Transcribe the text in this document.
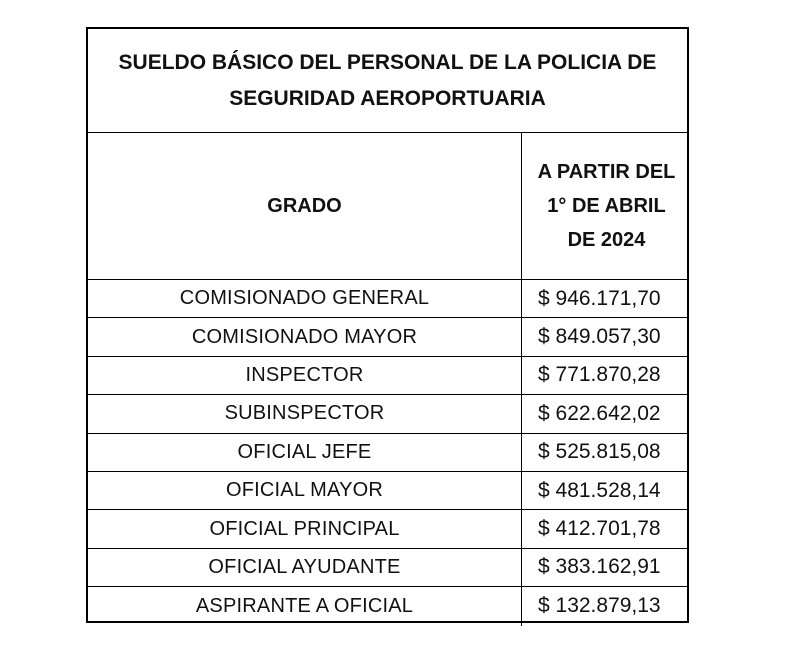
SUELDO BÁSICO DEL PERSONAL DE LA POLICIA DE
SEGURIDAD AEROPORTUARIA
GRADO
A PARTIR DEL
1° DE ABRIL
DE 2024
COMISIONADO GENERAL	$ 946.171,70
COMISIONADO MAYOR	$ 849.057,30
INSPECTOR	$ 771.870,28
SUBINSPECTOR	$ 622.642,02
OFICIAL JEFE	$ 525.815,08
OFICIAL MAYOR	$ 481.528,14
OFICIAL PRINCIPAL	$ 412.701,78
OFICIAL AYUDANTE	$ 383.162,91
ASPIRANTE A OFICIAL	$ 132.879,13
